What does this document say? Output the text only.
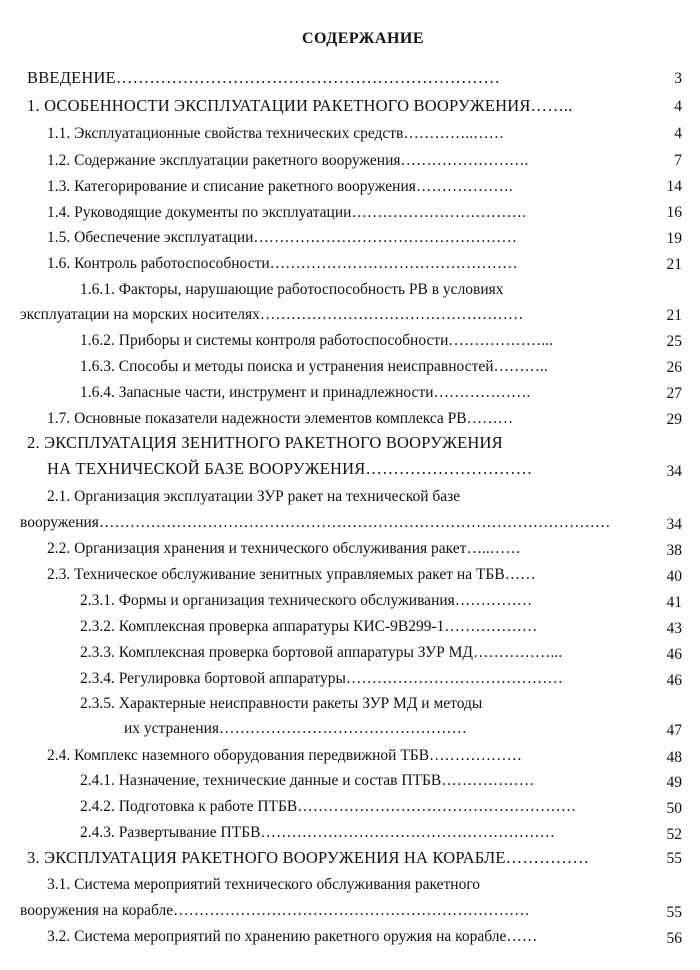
СОДЕРЖАНИЕ
ВВЕДЕНИЕ……………………………………………………………	3
1. ОСОБЕННОСТИ ЭКСПЛУАТАЦИИ РАКЕТНОГО ВООРУЖЕНИЯ……..	4
1.1. Эксплуатационные свойства технических средств…………..……	4
1.2. Содержание эксплуатации ракетного вооружения…………………….	7
1.3. Категорирование и списание ракетного вооружения……………….	14
1.4. Руководящие документы по эксплуатации…………………………….	16
1.5. Обеспечение эксплуатации……………………………………………	19
1.6. Контроль работоспособности…………………………………………	21
1.6.1. Факторы, нарушающие работоспособность РВ в условиях
эксплуатации на морских носителях……………………………………………	21
1.6.2. Приборы и системы контроля работоспособности………………...	25
1.6.3. Способы и методы поиска и устранения неисправностей………..	26
1.6.4. Запасные части, инструмент и принадлежности……………….	27
1.7. Основные показатели надежности элементов комплекса РВ………	29
2. ЭКСПЛУАТАЦИЯ ЗЕНИТНОГО РАКЕТНОГО ВООРУЖЕНИЯ
НА ТЕХНИЧЕСКОЙ БАЗЕ ВООРУЖЕНИЯ…………………………	34
2.1. Организация эксплуатации ЗУР ракет на технической базе
вооружения………………………………………………………………………………………	34
2.2. Организация хранения и технического обслуживания ракет…..……	38
2.3. Техническое обслуживание зенитных управляемых ракет на ТБВ……	40
2.3.1. Формы и организация технического обслуживания……………	41
2.3.2. Комплексная проверка аппаратуры КИС-9В299-1………………	43
2.3.3. Комплексная проверка бортовой аппаратуры ЗУР МД……………...	46
2.3.4. Регулировка бортовой аппаратуры……………………………………	46
2.3.5. Характерные неисправности ракеты ЗУР МД и методы
их устранения…………………………………………	47
2.4. Комплекс наземного оборудования передвижной ТБВ………………	48
2.4.1. Назначение, технические данные и состав ПТБВ………………	49
2.4.2. Подготовка к работе ПТБВ………………………………………………	50
2.4.3. Развертывание ПТБВ…………………………………………………	52
3. ЭКСПЛУАТАЦИЯ РАКЕТНОГО ВООРУЖЕНИЯ НА КОРАБЛЕ……………	55
3.1. Система мероприятий технического обслуживания ракетного
вооружения на корабле……………………………………………………………	55
3.2. Система мероприятий по хранению ракетного оружия на корабле……	56
